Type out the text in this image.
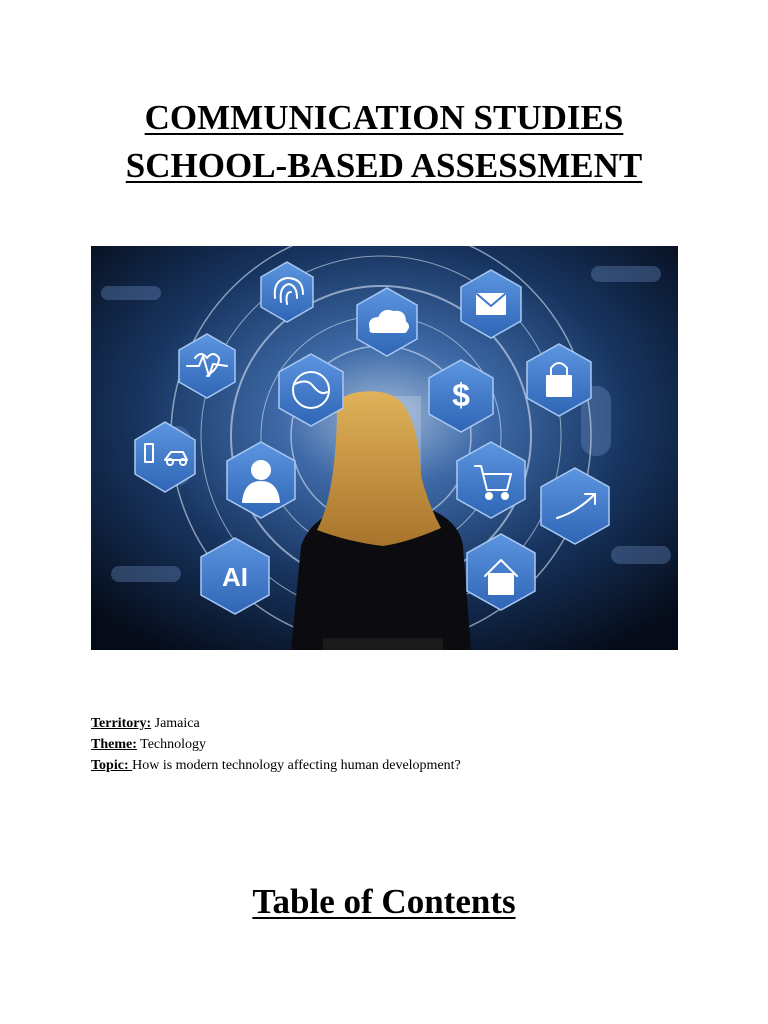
COMMUNICATION STUDIES
SCHOOL-BASED ASSESSMENT
AI
$
Territory: Jamaica
Theme: Technology
Topic: How is modern technology affecting human development?
Table of Contents
